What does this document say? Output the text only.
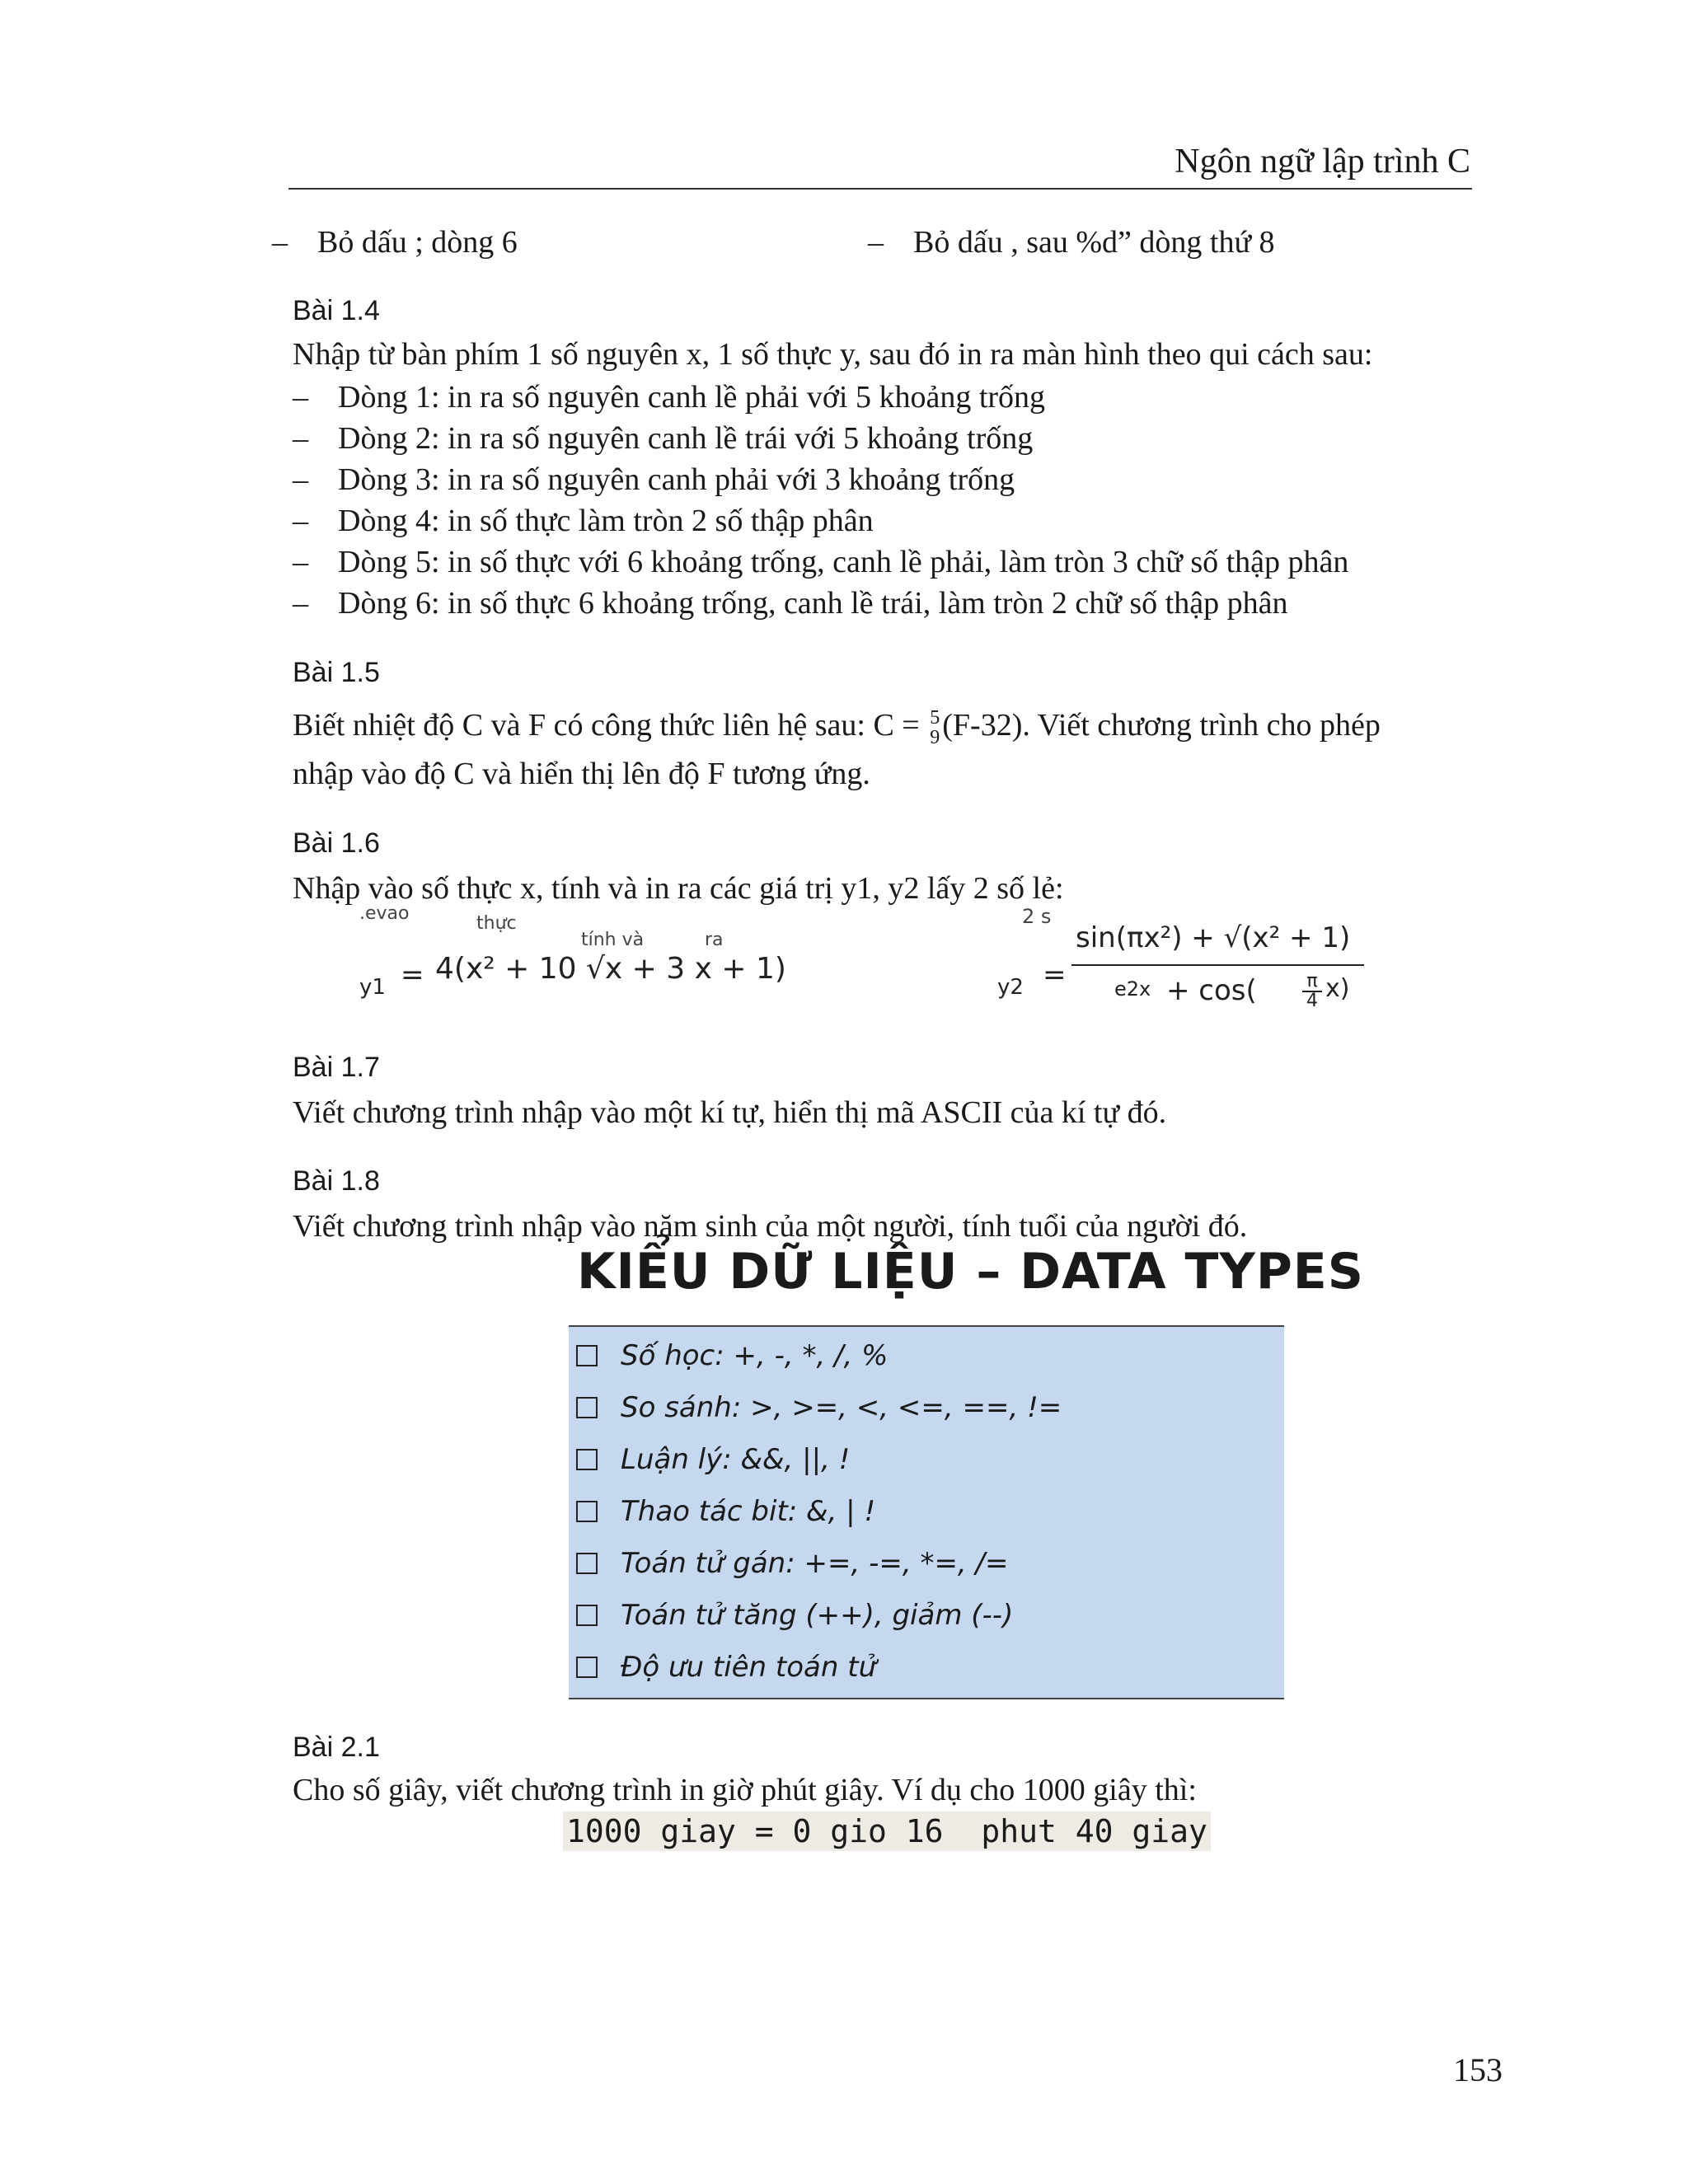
Ngôn ngữ lập trình C
– Bỏ dấu ; dòng 6	– Bỏ dấu , sau %d” dòng thứ 8
Bài 1.4
Nhập từ bàn phím 1 số nguyên x, 1 số thực y, sau đó in ra màn hình theo qui cách sau:
– Dòng 1: in ra số nguyên canh lề phải với 5 khoảng trống
– Dòng 2: in ra số nguyên canh lề trái với 5 khoảng trống
– Dòng 3: in ra số nguyên canh phải với 3 khoảng trống
– Dòng 4: in số thực làm tròn 2 số thập phân
– Dòng 5: in số thực với 6 khoảng trống, canh lề phải, làm tròn 3 chữ số thập phân
– Dòng 6: in số thực 6 khoảng trống, canh lề trái, làm tròn 2 chữ số thập phân
Bài 1.5
Biết nhiệt độ C và F có công thức liên hệ sau: C = 5
9 (F-32). Viết chương trình cho phép
nhập vào độ C và hiển thị lên độ F tương ứng.
Bài 1.6
Nhập vào số thực x, tính và in ra các giá trị y1, y2 lấy 2 số lẻ:
.evao	thực
tính và	ra
y1 = 4(x² + 10 √x + 3 x + 1)
2 s
y2 =
sin(πx²) + √(x² + 1)
e2x + cos(	$\frac{\pi}{4} x$)
Bài 1.7
Viết chương trình nhập vào một kí tự, hiển thị mã ASCII của kí tự đó.
Bài 1.8
Viết chương trình nhập vào năm sinh của một người, tính tuổi của người đó.
KIỂU DỮ LIỆU – DATA TYPES
Số học: +, -, *, /, %
So sánh: >, >=, <, <=, ==, !=
Luận lý: &&, ||, !
Thao tác bit: &, | !
Toán tử gán: +=, -=, *=, /=
Toán tử tăng (++), giảm (--)
Độ ưu tiên toán tử
Bài 2.1
Cho số giây, viết chương trình in giờ phút giây. Ví dụ cho 1000 giây thì:
1000 giay = 0 gio 16  phut 40 giay
153
